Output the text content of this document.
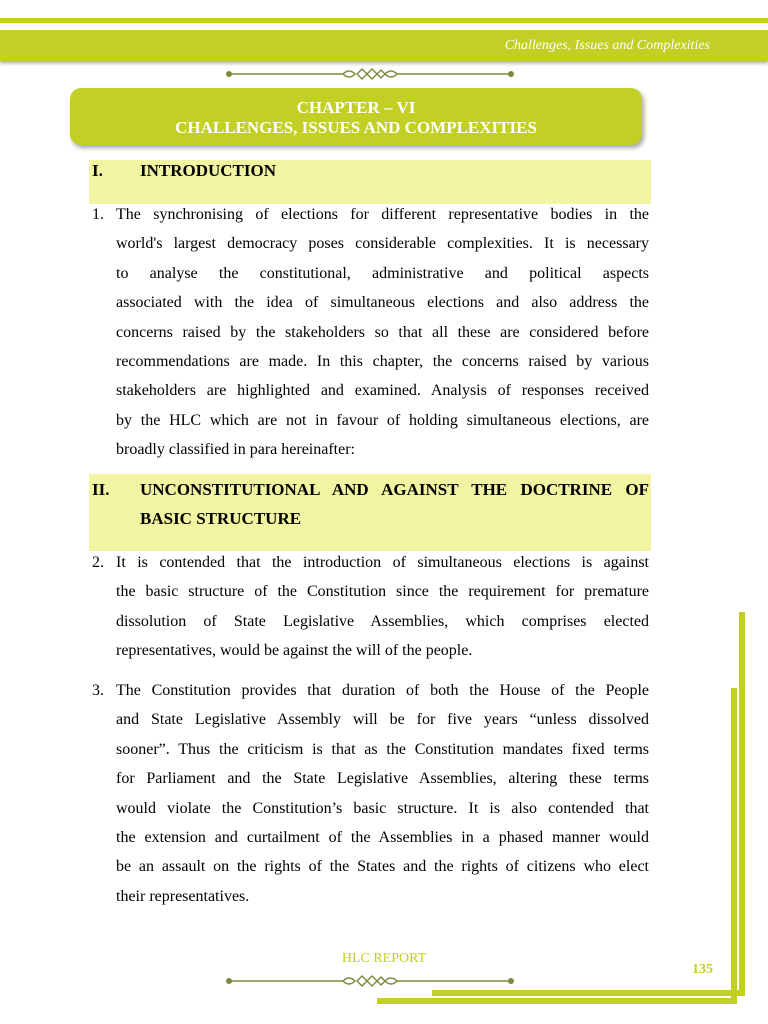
Challenges, Issues and Complexities
CHAPTER – VI
CHALLENGES, ISSUES AND COMPLEXITIES
I. INTRODUCTION
1. The synchronising of elections for different representative bodies in the
world's largest democracy poses considerable complexities. It is necessary
to analyse the constitutional, administrative and political aspects
associated with the idea of simultaneous elections and also address the
concerns raised by the stakeholders so that all these are considered before
recommendations are made. In this chapter, the concerns raised by various
stakeholders are highlighted and examined. Analysis of responses received
by the HLC which are not in favour of holding simultaneous elections, are
broadly classified in para hereinafter:
II. UNCONSTITUTIONAL AND AGAINST THE DOCTRINE OF
BASIC STRUCTURE
2. It is contended that the introduction of simultaneous elections is against
the basic structure of the Constitution since the requirement for premature
dissolution of State Legislative Assemblies, which comprises elected
representatives, would be against the will of the people.
3. The Constitution provides that duration of both the House of the People
and State Legislative Assembly will be for five years “unless dissolved
sooner”. Thus the criticism is that as the Constitution mandates fixed terms
for Parliament and the State Legislative Assemblies, altering these terms
would violate the Constitution’s basic structure. It is also contended that
the extension and curtailment of the Assemblies in a phased manner would
be an assault on the rights of the States and the rights of citizens who elect
their representatives.
HLC REPORT
135
